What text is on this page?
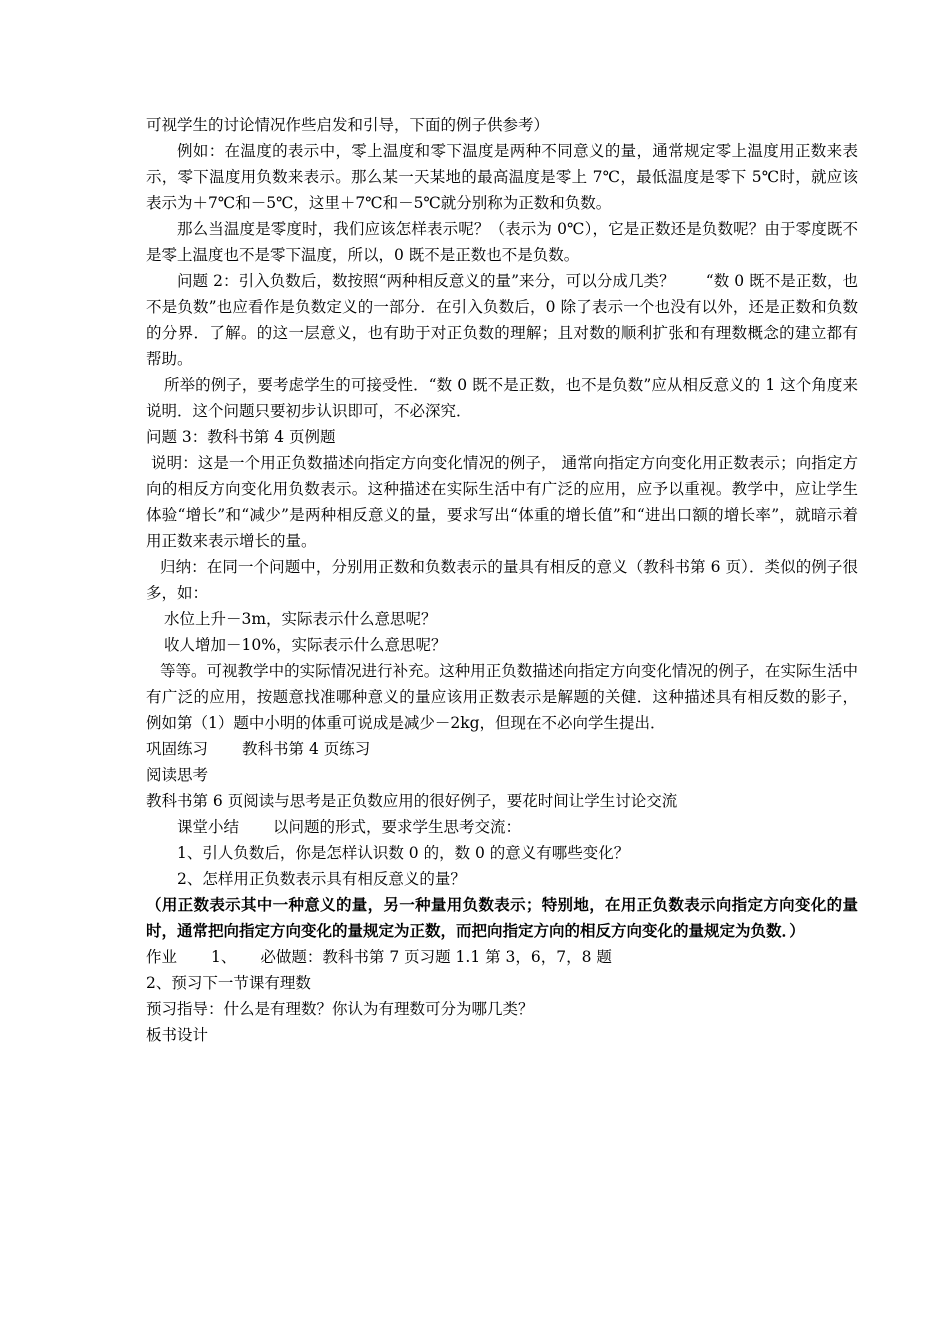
可视学生的讨论情况作些启发和引导，下面的例子供参考）

例如：在温度的表示中，零上温度和零下温度是两种不同意义的量，通常规定零上温度用正数来表示，零下温度用负数来表示。那么某一天某地的最高温度是零上 7℃，最低温度是零下 5℃时，就应该表示为＋7℃和－5℃，这里＋7℃和－5℃就分别称为正数和负数。

那么当温度是零度时，我们应该怎样表示呢？（表示为 0℃），它是正数还是负数呢？由于零度既不是零上温度也不是零下温度，所以，0 既不是正数也不是负数。

问题 2：引入负数后，数按照“两种相反意义的量”来分，可以分成几类？　　“数 0 既不是正数，也不是负数”也应看作是负数定义的一部分．在引入负数后，0 除了表示一个也没有以外，还是正数和负数的分界．了解。的这一层意义，也有助于对正负数的理解；且对数的顺利扩张和有理数概念的建立都有帮助。

所举的例子，要考虑学生的可接受性．“数 0 既不是正数，也不是负数”应从相反意义的 1 这个角度来说明．这个问题只要初步认识即可，不必深究．

问题 3：教科书第 4 页例题

说明：这是一个用正负数描述向指定方向变化情况的例子， 通常向指定方向变化用正数表示；向指定方向的相反方向变化用负数表示。这种描述在实际生活中有广泛的应用，应予以重视。教学中，应让学生体验“增长”和“减少”是两种相反意义的量，要求写出“体重的增长值”和“进出口额的增长率”，就暗示着用正数来表示增长的量。

归纳：在同一个问题中，分别用正数和负数表示的量具有相反的意义（教科书第 6 页）．类似的例子很多，如：

水位上升－3m，实际表示什么意思呢？

收人增加－10%，实际表示什么意思呢？

等等。可视教学中的实际情况进行补充。这种用正负数描述向指定方向变化情况的例子，在实际生活中有广泛的应用，按题意找准哪种意义的量应该用正数表示是解题的关健．这种描述具有相反数的影子，例如第（1）题中小明的体重可说成是减少－2kg，但现在不必向学生提出．

巩固练习 教科书第 4 页练习

阅读思考

教科书第 6 页阅读与思考是正负数应用的很好例子，要花时间让学生讨论交流

课堂小结 以问题的形式，要求学生思考交流：

1、引人负数后，你是怎样认识数 0 的，数 0 的意义有哪些变化？

2、怎样用正负数表示具有相反意义的量？

（用正数表示其中一种意义的量，另一种量用负数表示；特别地，在用正负数表示向指定方向变化的量时，通常把向指定方向变化的量规定为正数，而把向指定方向的相反方向变化的量规定为负数．）

作业 1、 必做题：教科书第 7 页习题 1.1 第 3，6，7，8 题

2、预习下一节课有理数

预习指导：什么是有理数？你认为有理数可分为哪几类？

板书设计
